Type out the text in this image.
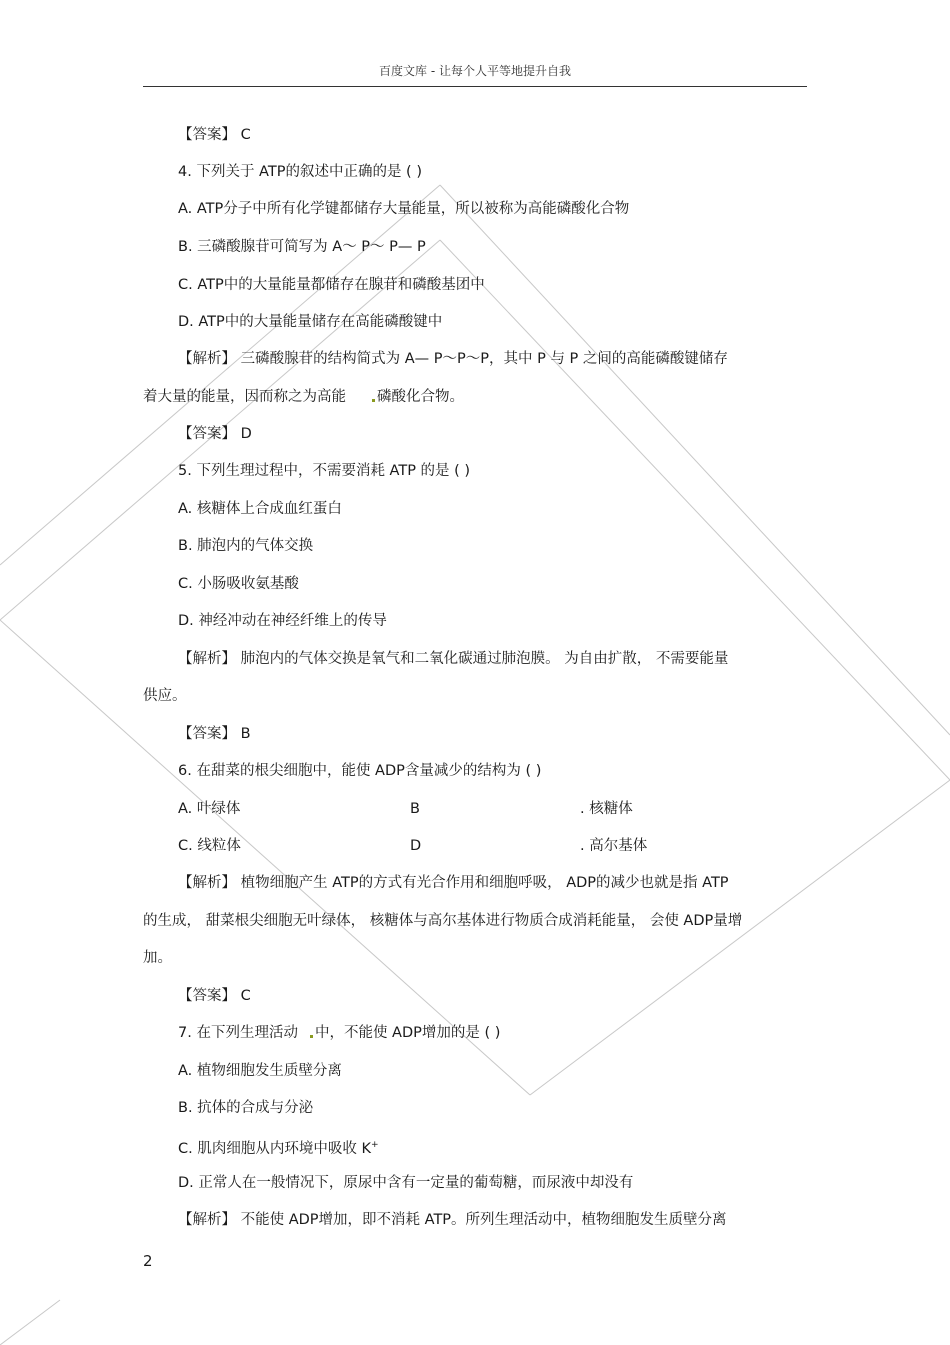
百度文库 - 让每个人平等地提升自我
【答案】 C
4. 下列关于 ATP的叙述中正确的是 ( )
A. ATP分子中所有化学键都储存大量能量，所以被称为高能磷酸化合物
B. 三磷酸腺苷可简写为 A～ P～ P— P
C. ATP中的大量能量都储存在腺苷和磷酸基团中
D. ATP中的大量能量储存在高能磷酸键中
【解析】 三磷酸腺苷的结构简式为 A— P～P～P，其中 P 与 P 之间的高能磷酸键储存
着大量的能量，因而称之为高能 磷酸化合物。
【答案】 D
5. 下列生理过程中，不需要消耗 ATP 的是 ( )
A. 核糖体上合成血红蛋白
B. 肺泡内的气体交换
C. 小肠吸收氨基酸
D. 神经冲动在神经纤维上的传导
【解析】 肺泡内的气体交换是氧气和二氧化碳通过肺泡膜。 为自由扩散， 不需要能量
供应。
【答案】 B
6. 在甜菜的根尖细胞中，能使 ADP含量减少的结构为 ( )
A. 叶绿体	B	. 核糖体
C. 线粒体	D	. 高尔基体
【解析】 植物细胞产生 ATP的方式有光合作用和细胞呼吸， ADP的减少也就是指 ATP
的生成， 甜菜根尖细胞无叶绿体， 核糖体与高尔基体进行物质合成消耗能量， 会使 ADP量增
加。
【答案】 C
7. 在下列生理活动 中，不能使 ADP增加的是 ( )
A. 植物细胞发生质壁分离
B. 抗体的合成与分泌
C. 肌肉细胞从内环境中吸收 K+
D. 正常人在一般情况下，原尿中含有一定量的葡萄糖，而尿液中却没有
【解析】 不能使 ADP增加，即不消耗 ATP。所列生理活动中，植物细胞发生质壁分离
2
